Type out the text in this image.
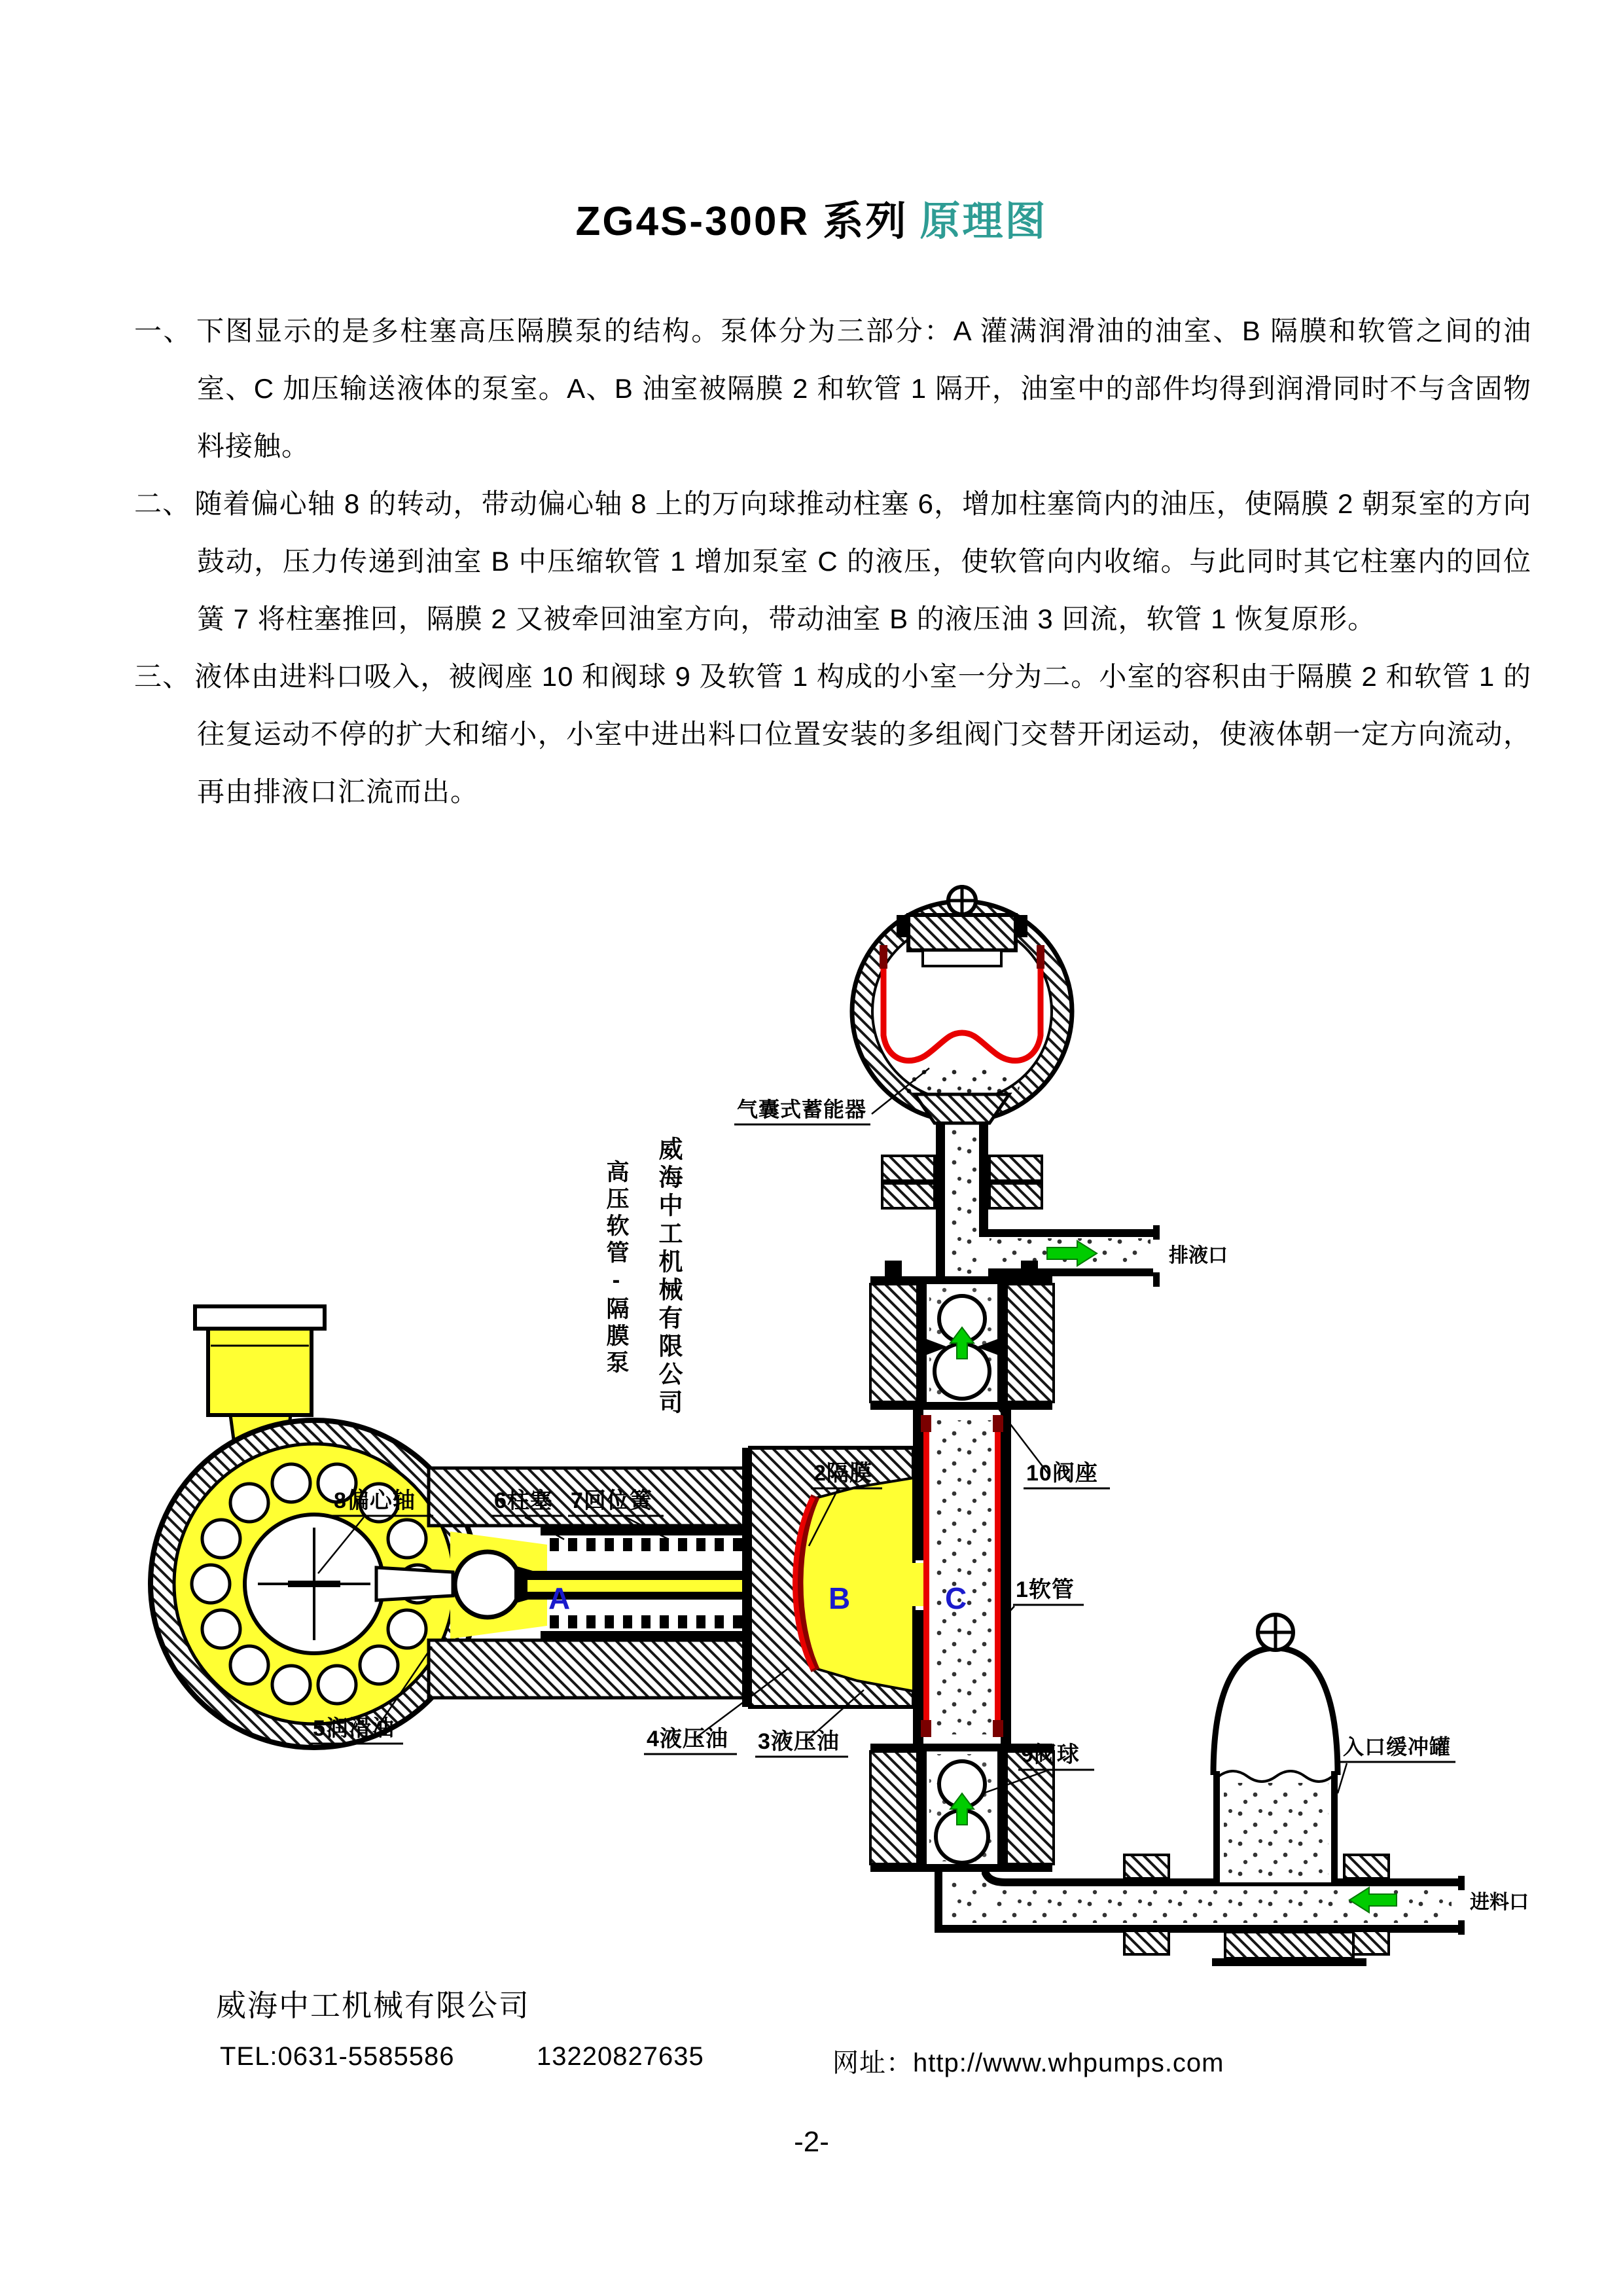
ZG4S-300R 系列 原理图

一、 下图显示的是多柱塞高压隔膜泵的结构。泵体分为三部分：A 灌满润滑油的油室、B 隔膜和软管之间的油室、C 加压输送液体的泵室。A、B 油室被隔膜 2 和软管 1 隔开，油室中的部件均得到润滑同时不与含固物料接触。

二、 随着偏心轴 8 的转动，带动偏心轴 8 上的万向球推动柱塞 6，增加柱塞筒内的油压，使隔膜 2 朝泵室的方向鼓动，压力传递到油室 B 中压缩软管 1 增加泵室 C 的液压，使软管向内收缩。与此同时其它柱塞内的回位簧 7 将柱塞推回，隔膜 2 又被牵回油室方向，带动油室 B 的液压油 3 回流，软管 1 恢复原形。

三、 液体由进料口吸入，被阀座 10 和阀球 9 及软管 1 构成的小室一分为二。小室的容积由于隔膜 2 和软管 1 的往复运动不停的扩大和缩小，小室中进出料口位置安装的多组阀门交替开闭运动，使液体朝一定方向流动，再由排液口汇流而出。

A	B	C
8偏心轴	6柱塞 7回位簧
2隔膜	10阀座
5润滑油	4液压油 3液压油
9阀球
1软管
排液口
进料口
气囊式蓄能器
入口缓冲罐
威海中工机械有限公司
高压软管-隔膜泵
威海中工机械有限公司
TEL:0631-5585586	13220827635	网址：http://www.whpumps.com
-2-
